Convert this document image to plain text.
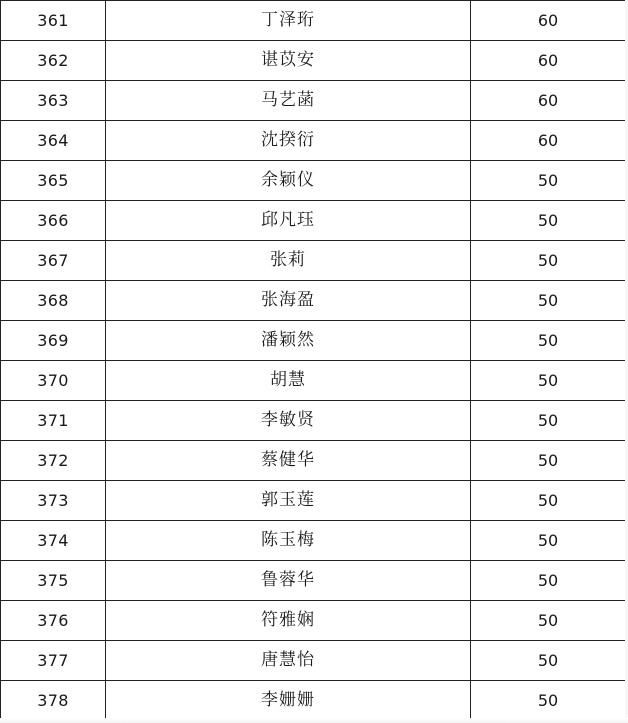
361	丁泽珩	60
362	谌苡安	60
363	马艺菡	60
364	沈揆衍	60
365	余颖仪	50
366	邱凡珏	50
367	张莉	50
368	张海盈	50
369	潘颖然	50
370	胡慧	50
371	李敏贤	50
372	蔡健华	50
373	郭玉莲	50
374	陈玉梅	50
375	鲁蓉华	50
376	符雅娴	50
377	唐慧怡	50
378	李姗姗	50
